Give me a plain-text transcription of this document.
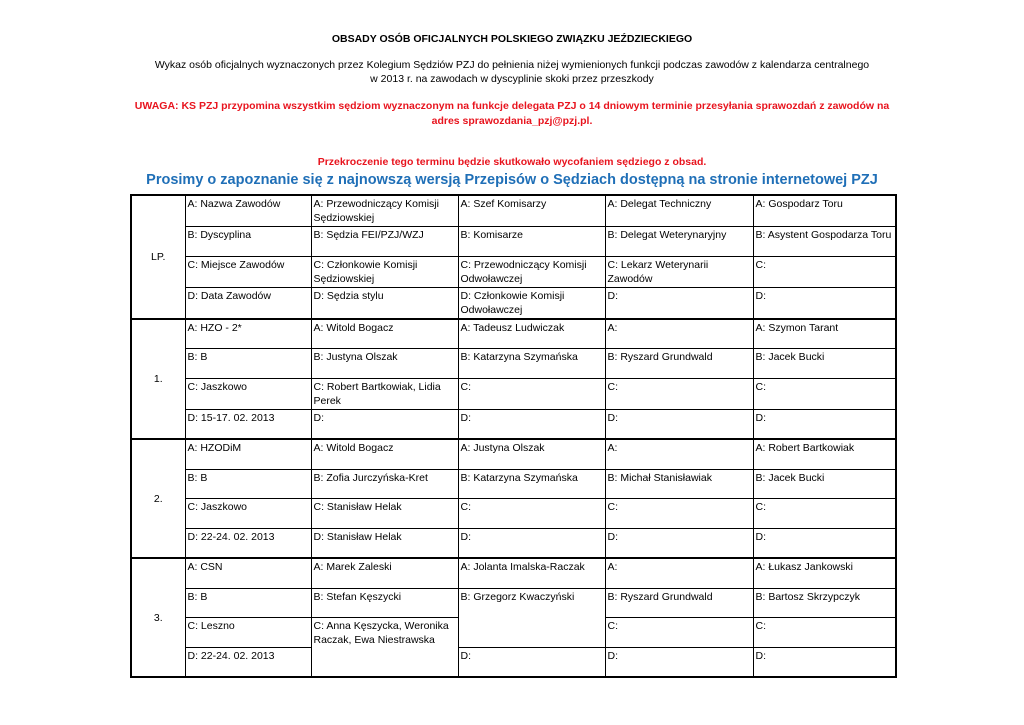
OBSADY OSÓB OFICJALNYCH POLSKIEGO ZWIĄZKU JEŹDZIECKIEGO
Wykaz osób oficjalnych wyznaczonych przez Kolegium Sędziów PZJ do pełnienia niżej wymienionych funkcji podczas zawodów z kalendarza centralnego w 2013 r. na zawodach w dyscyplinie skoki przez przeszkody
UWAGA: KS PZJ przypomina wszystkim sędziom wyznaczonym na funkcje delegata PZJ o 14 dniowym terminie przesyłania sprawozdań z zawodów na adres sprawozdania_pzj@pzj.pl.
Przekroczenie tego terminu będzie skutkowało wycofaniem sędziego z obsad.
Prosimy o zapoznanie się z najnowszą wersją Przepisów o Sędziach dostępną na stronie internetowej PZJ
LP.	A: Nazwa Zawodów	A: Przewodniczący Komisji Sędziowskiej	A: Szef Komisarzy	A: Delegat Techniczny	A: Gospodarz Toru
	B: Dyscyplina	B: Sędzia FEI/PZJ/WZJ	B: Komisarze	B: Delegat Weterynaryjny	B: Asystent Gospodarza Toru
	C: Miejsce Zawodów	C: Członkowie Komisji Sędziowskiej	C: Przewodniczący Komisji Odwoławczej	C: Lekarz Weterynarii Zawodów	C:
	D: Data Zawodów	D: Sędzia stylu	D: Członkowie Komisji Odwoławczej	D:	D:
1.	A: HZO - 2*	A: Witold Bogacz	A: Tadeusz Ludwiczak	A:	A: Szymon Tarant
	B: B	B: Justyna Olszak	B: Katarzyna Szymańska	B: Ryszard Grundwald	B: Jacek Bucki
	C: Jaszkowo	C: Robert Bartkowiak, Lidia Perek	C:	C:	C:
	D: 15-17. 02. 2013	D:	D:	D:	D:
2.	A: HZODiM	A: Witold Bogacz	A: Justyna Olszak	A:	A: Robert Bartkowiak
	B: B	B: Zofia Jurczyńska-Kret	B: Katarzyna Szymańska	B: Michał Stanisławiak	B: Jacek Bucki
	C: Jaszkowo	C: Stanisław Helak	C:	C:	C:
	D: 22-24. 02. 2013	D: Stanisław Helak	D:	D:	D:
3.	A: CSN	A: Marek Zaleski	A: Jolanta Imalska-Raczak	A:	A: Łukasz Jankowski
	B: B	B: Stefan Kęszycki	B: Grzegorz Kwaczyński	B: Ryszard Grundwald	B: Bartosz Skrzypczyk
	C: Leszno	C: Anna Kęszycka, Weronika Raczak, Ewa Niestrawska		C:	C:
	D: 22-24. 02. 2013		D:	D:	D:
